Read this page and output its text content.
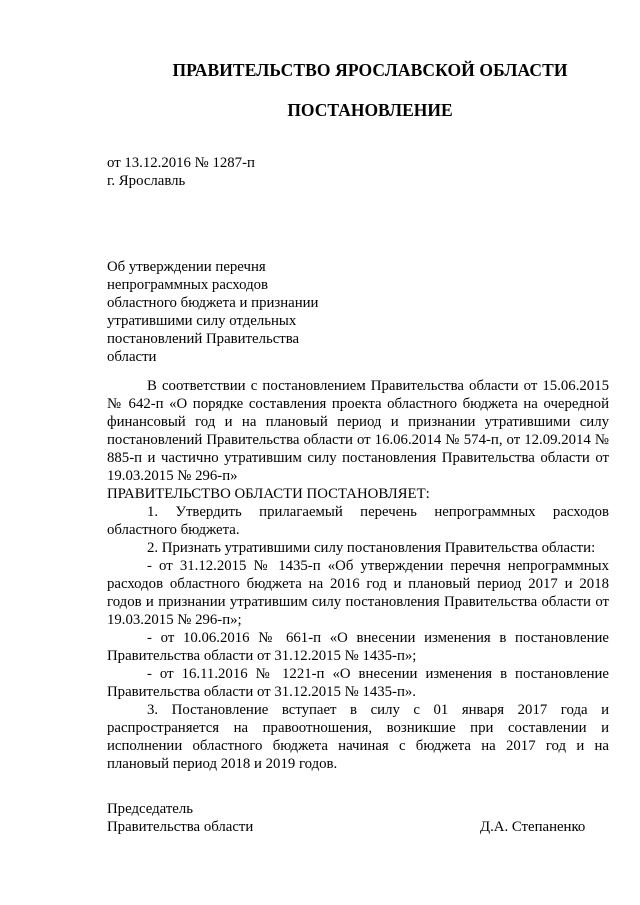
ПРАВИТЕЛЬСТВО ЯРОСЛАВСКОЙ ОБЛАСТИ
ПОСТАНОВЛЕНИЕ
от 13.12.2016 № 1287-п
г. Ярославль
Об утверждении перечня
непрограммных расходов
областного бюджета и признании
утратившими силу отдельных
постановлений Правительства
области

В соответствии с постановлением Правительства области от 15.06.2015 № 642-п «О порядке составления проекта областного бюджета на очередной финансовый год и на плановый период и признании утратившими силу постановлений Правительства области от 16.06.2014 № 574-п, от 12.09.2014 № 885-п и частично утратившим силу постановления Правительства области от 19.03.2015 № 296-п»

ПРАВИТЕЛЬСТВО ОБЛАСТИ ПОСТАНОВЛЯЕТ:

1. Утвердить прилагаемый перечень непрограммных расходов областного бюджета.

2. Признать утратившими силу постановления Правительства области:

- от 31.12.2015 № 1435-п «Об утверждении перечня непрограммных расходов областного бюджета на 2016 год и плановый период 2017 и 2018 годов и признании утратившим силу постановления Правительства области от 19.03.2015 № 296-п»;

- от 10.06.2016 № 661-п «О внесении изменения в постановление Правительства области от 31.12.2015 № 1435-п»;

- от 16.11.2016 № 1221-п «О внесении изменения в постановление Правительства области от 31.12.2015 № 1435-п».

3. Постановление вступает в силу с 01 января 2017 года и распространяется на правоотношения, возникшие при составлении и исполнении областного бюджета начиная с бюджета на 2017 год и на плановый период 2018 и 2019 годов.

Председатель
Правительства области	Д.А. Степаненко
